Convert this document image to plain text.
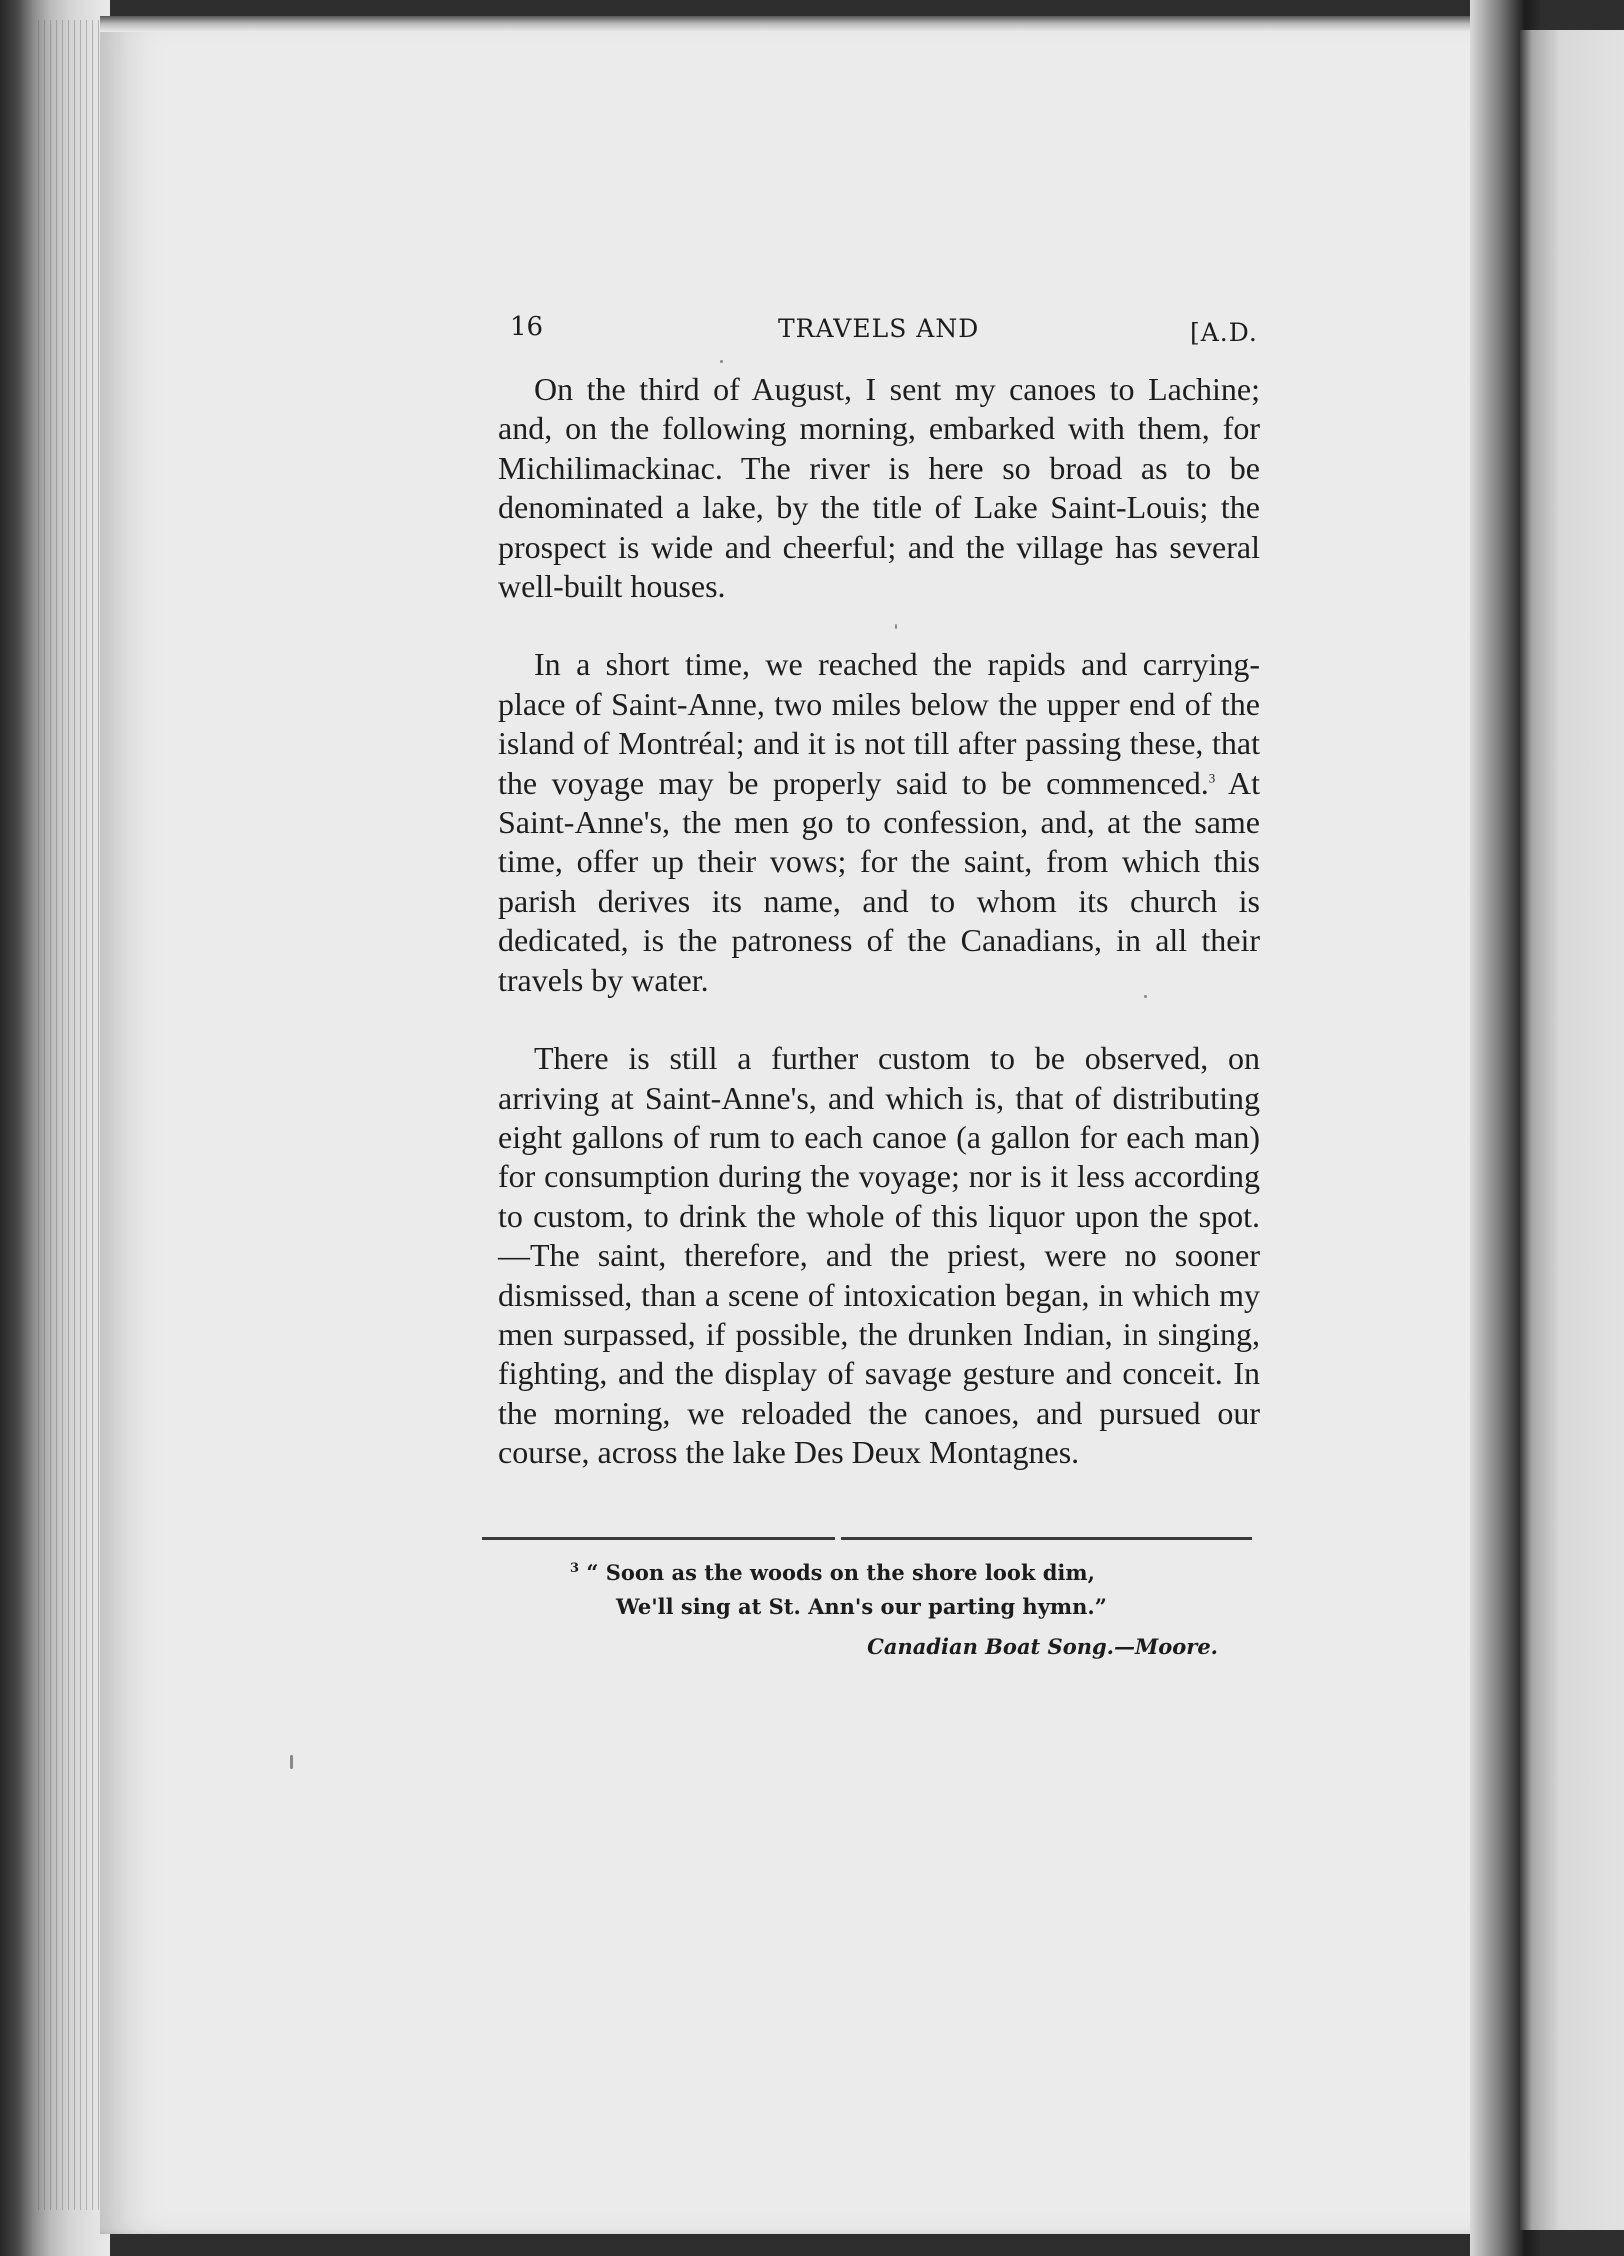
16	TRAVELS AND	[A.D.

On the third of August, I sent my canoes to Lachine; and, on the following morning, embarked with them, for Michilimackinac. The river is here so broad as to be denominated a lake, by the title of Lake Saint-Louis; the prospect is wide and cheerful; and the village has several well-built houses.

In a short time, we reached the rapids and carrying-place of Saint-Anne, two miles below the upper end of the island of Montréal; and it is not till after passing these, that the voyage may be properly said to be commenced.$^3$ At Saint-Anne's, the men go to confession, and, at the same time, offer up their vows; for the saint, from which this parish derives its name, and to whom its church is dedicated, is the patroness of the Canadians, in all their travels by water.

There is still a further custom to be observed, on arriving at Saint-Anne's, and which is, that of distributing eight gallons of rum to each canoe (a gallon for each man) for consumption during the voyage; nor is it less according to custom, to drink the whole of this liquor upon the spot.—The saint, therefore, and the priest, were no sooner dismissed, than a scene of intoxication began, in which my men surpassed, if possible, the drunken Indian, in singing, fighting, and the display of savage gesture and conceit. In the morning, we reloaded the canoes, and pursued our course, across the lake Des Deux Montagnes.

$^3$ “ Soon as the woods on the shore look dim,
We'll sing at St. Ann's our parting hymn.”
Canadian Boat Song.—Moore.
